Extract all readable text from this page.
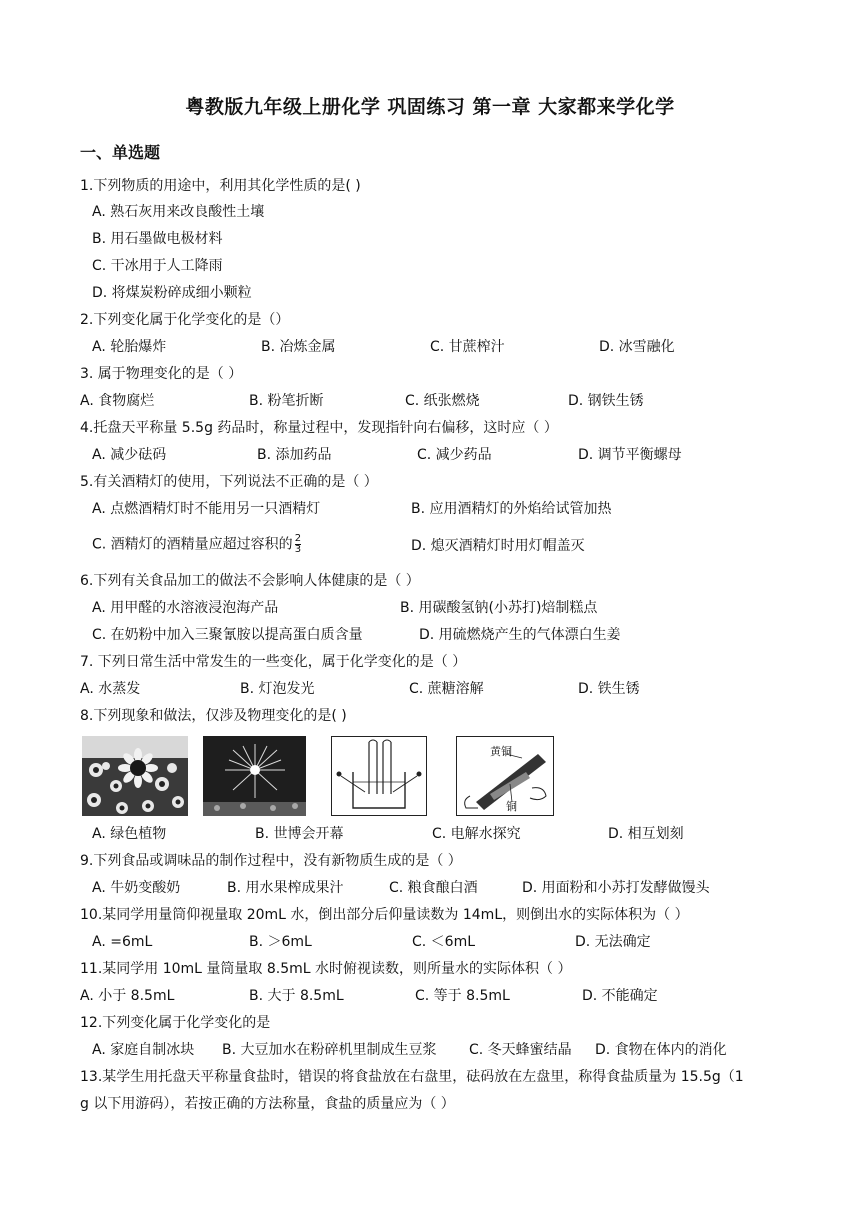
粤教版九年级上册化学 巩固练习 第一章 大家都来学化学
一、单选题
1.下列物质的用途中，利用其化学性质的是( )
A. 熟石灰用来改良酸性土壤
B. 用石墨做电极材料
C. 干冰用于人工降雨
D. 将煤炭粉碎成细小颗粒
2.下列变化属于化学变化的是（）
A. 轮胎爆炸	B. 冶炼金属	C. 甘蔗榨汁	D. 冰雪融化
3. 属于物理变化的是（ ）
A. 食物腐烂	B. 粉笔折断	C. 纸张燃烧	D. 钢铁生锈
4.托盘天平称量 5.5g 药品时，称量过程中，发现指针向右偏移，这时应（ ）
A. 减少砝码	B. 添加药品	C. 减少药品	D. 调节平衡螺母
5.有关酒精灯的使用，下列说法不正确的是（ ）
A. 点燃酒精灯时不能用另一只酒精灯	B. 应用酒精灯的外焰给试管加热
C. 酒精灯的酒精量应超过容积的 $\frac{2}{3}$	D. 熄灭酒精灯时用灯帽盖灭
6.下列有关食品加工的做法不会影响人体健康的是（ ）
A. 用甲醛的水溶液浸泡海产品	B. 用碳酸氢钠(小苏打)焙制糕点
C. 在奶粉中加入三聚氰胺以提高蛋白质含量	D. 用硫燃烧产生的气体漂白生姜
7. 下列日常生活中常发生的一些变化，属于化学变化的是（ ）
A. 水蒸发	B. 灯泡发光	C. 蔗糖溶解	D. 铁生锈
8.下列现象和做法，仅涉及物理变化的是( )
黄铜
铜
A. 绿色植物	B. 世博会开幕	C. 电解水探究	D. 相互划刻
9.下列食品或调味品的制作过程中，没有新物质生成的是（ ）
A. 牛奶变酸奶	B. 用水果榨成果汁	C. 粮食酿白酒	D. 用面粉和小苏打发酵做馒头
10.某同学用量筒仰视量取 20mL 水，倒出部分后仰量读数为 14mL，则倒出水的实际体积为（ ）
A. =6mL	B. ＞6mL	C. ＜6mL	D. 无法确定
11.某同学用 10mL 量筒量取 8.5mL 水时俯视读数，则所量水的实际体积（ ）
A. 小于 8.5mL	B. 大于 8.5mL	C. 等于 8.5mL	D. 不能确定
12.下列变化属于化学变化的是
A. 家庭自制冰块 B. 大豆加水在粉碎机里制成生豆浆 C. 冬天蜂蜜结晶 D. 食物在体内的消化
13.某学生用托盘天平称量食盐时，错误的将食盐放在右盘里，砝码放在左盘里，称得食盐质量为 15.5g（1
g 以下用游码），若按正确的方法称量，食盐的质量应为（ ）
